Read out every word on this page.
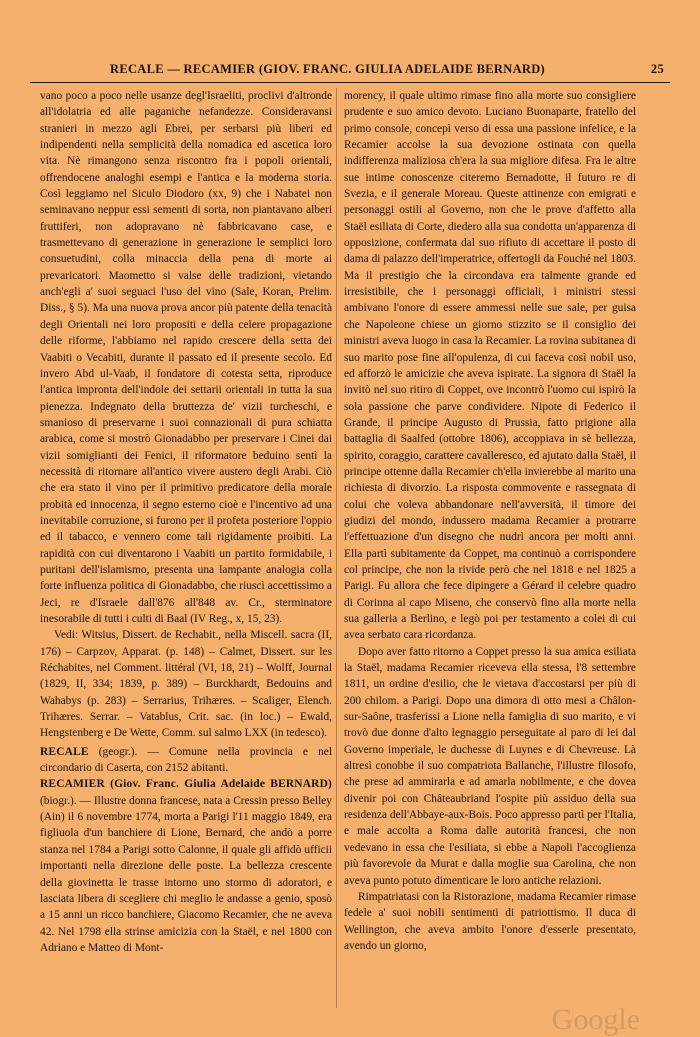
RECALE — RECAMIER (GIOV. FRANC. GIULIA ADELAIDE BERNARD)	25

vano poco a poco nelle usanze degl'Israeliti, proclivi d'altronde all'idolatria ed alle paganiche nefandezze. Consideravansi stranieri in mezzo agli Ebrei, per serbarsi più liberi ed indipendenti nella semplicità della nomadica ed ascetica loro vita. Nè rimangono senza riscontro fra i popoli orientali, offrendocene analoghi esempi e l'antica e la moderna storia. Così leggiamo nel Siculo Diodoro (xx, 9) che i Nabatei non seminavano neppur essi sementi di sorta, non piantavano alberi fruttiferi, non adopravano nè fabbricavano case, e trasmettevano di generazione in generazione le semplici loro consuetudini, colla minaccia della pena di morte ai prevaricatori. Maometto si valse delle tradizioni, vietando anch'egli a' suoi seguaci l'uso del vino (Sale, Koran, Prelim. Diss., § 5). Ma una nuova prova ancor più patente della tenacità degli Orientali nei loro propositi e della celere propagazione delle riforme, l'abbiamo nel rapido crescere della setta dei Vaabiti o Vecabiti, durante il passato ed il presente secolo. Ed invero Abd ul-Vaab, il fondatore di cotesta setta, riproduce l'antica impronta dell'indole dei settarii orientali in tutta la sua pienezza. Indegnato della bruttezza de' vizii turcheschi, e smanioso di preservarne i suoi connazionali di pura schiatta arabica, come si mostrò Gionadabbo per preservare i Cinei dai vizii somiglianti dei Fenici, il riformatore beduino sentì la necessità di ritornare all'antico vivere austero degli Arabi. Ciò che era stato il vino per il primitivo predicatore della morale probità ed innocenza, il segno esterno cioè e l'incentivo ad una inevitabile corruzione, si furono per il profeta posteriore l'oppio ed il tabacco, e vennero come tali rigidamente proibiti. La rapidità con cui diventarono i Vaabiti un partito formidabile, i puritani dell'islamismo, presenta una lampante analogia colla forte influenza politica di Gionadabbo, che riuscì accettissimo a Jeci, re d'Israele dall'876 all'848 av. Cr., sterminatore inesorabile di tutti i culti di Baal (IV Reg., x, 15, 23).

Vedi: Witsius, Dissert. de Rechabit., nella Miscell. sacra (II, 176) – Carpzov, Apparat. (p. 148) – Calmet, Dissert. sur les Réchabites, nel Comment. littéral (VI, 18, 21) – Wolff, Journal (1829, II, 334; 1839, p. 389) – Burckhardt, Bedouins and Wahabys (p. 283) – Serrarius, Trihæres. – Scaliger, Elench. Trihæres. Serrar. – Vatablus, Crit. sac. (in loc.) – Ewald, Hengstenberg e De Wette, Comm. sul salmo LXX (in tedesco).

RECALE (geogr.). — Comune nella provincia e nel circondario di Caserta, con 2152 abitanti.

RECAMIER (Giov. Franc. Giulia Adelaide BERNARD) (biogr.). — Illustre donna francese, nata a Cressin presso Belley (Ain) il 6 novembre 1774, morta a Parigi l'11 maggio 1849, era figliuola d'un banchiere di Lione, Bernard, che andò a porre stanza nel 1784 a Parigi sotto Calonne, il quale gli affidò ufficii importanti nella direzione delle poste. La bellezza crescente della giovinetta le trasse intorno uno stormo di adoratori, e lasciata libera di scegliere chi meglio le andasse a genio, sposò a 15 anni un ricco banchiere, Giacomo Recamier, che ne aveva 42. Nel 1798 ella strinse amicizia con la Staël, e nel 1800 con Adriano e Matteo di Mont-

morency, il quale ultimo rimase fino alla morte suo consigliere prudente e suo amico devoto. Luciano Buonaparte, fratello del primo console, concepì verso di essa una passione infelice, e la Recamier accolse la sua devozione ostinata con quella indifferenza maliziosa ch'era la sua migliore difesa. Fra le altre sue intime conoscenze citeremo Bernadotte, il futuro re di Svezia, e il generale Moreau. Queste attinenze con emigrati e personaggi ostili al Governo, non che le prove d'affetto alla Staël esiliata di Corte, diedero alla sua condotta un'apparenza di opposizione, confermata dal suo rifiuto di accettare il posto di dama di palazzo dell'imperatrice, offertogli da Fouché nel 1803. Ma il prestigio che la circondava era talmente grande ed irresistibile, che i personaggi officiali, i ministri stessi ambivano l'onore di essere ammessi nelle sue sale, per guisa che Napoleone chiese un giorno stizzito se il consiglio dei ministri aveva luogo in casa la Recamier. La rovina subitanea di suo marito pose fine all'opulenza, di cui faceva così nobil uso, ed afforzò le amicizie che aveva ispirate. La signora di Staël la invitò nel suo ritiro di Coppet, ove incontrò l'uomo cui ispirò la sola passione che parve condividere. Nipote di Federico il Grande, il principe Augusto di Prussia, fatto prigione alla battaglia di Saalfed (ottobre 1806), accoppiava in sè bellezza, spirito, coraggio, carattere cavalleresco, ed ajutato dalla Staël, il principe ottenne dalla Recamier ch'ella invierebbe al marito una richiesta di divorzio. La risposta commovente e rassegnata di colui che voleva abbandonare nell'avversità, il timore dei giudizi del mondo, indussero madama Recamier a protrarre l'effettuazione d'un disegno che nudrì ancora per molti anni. Ella partì subitamente da Coppet, ma continuò a corrispondere col principe, che non la rivide però che nel 1818 e nel 1825 a Parigi. Fu allora che fece dipingere a Gérard il celebre quadro di Corinna al capo Miseno, che conservò fino alla morte nella sua galleria a Berlino, e legò poi per testamento a colei di cui avea serbato cara ricordanza.

Dopo aver fatto ritorno a Coppet presso la sua amica esiliata la Staël, madama Recamier riceveva ella stessa, l'8 settembre 1811, un ordine d'esilio, che le vietava d'accostarsi per più di 200 chilom. a Parigi. Dopo una dimora di otto mesi a Châlon-sur-Saône, trasferissi a Lione nella famiglia di suo marito, e vi trovò due donne d'alto legnaggio perseguitate al paro di lei dal Governo imperiale, le duchesse di Luynes e di Chevreuse. Là altresì conobbe il suo compatriota Ballanche, l'illustre filosofo, che prese ad ammirarla e ad amarla nobilmente, e che dovea divenir poi con Châteaubriand l'ospite più assiduo della sua residenza dell'Abbaye-aux-Bois. Poco appresso partì per l'Italia, e male accolta a Roma dalle autorità francesi, che non vedevano in essa che l'esiliata, si ebbe a Napoli l'accoglienza più favorevole da Murat e dalla moglie sua Carolina, che non aveva punto potuto dimenticare le loro antiche relazioni.

Rimpatriatasi con la Ristorazione, madama Recamier rimase fedele a' suoi nobili sentimenti di patriottismo. Il duca di Wellington, che aveva ambito l'onore d'esserle presentato, avendo un giorno,

Google
